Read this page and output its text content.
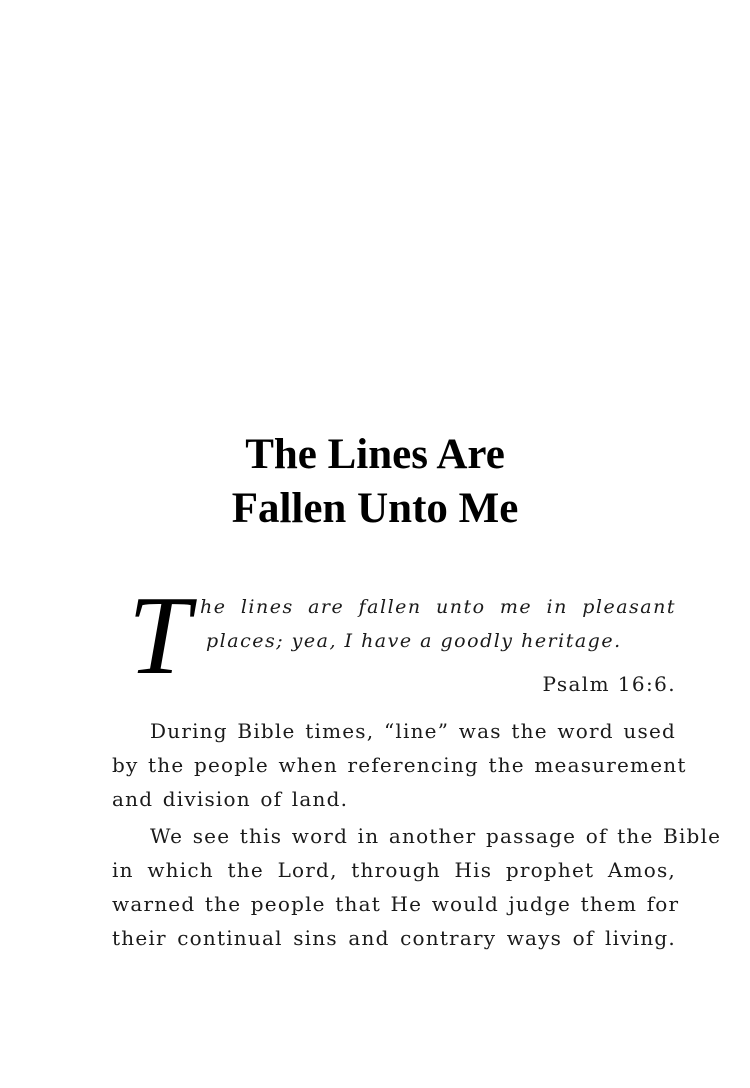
The Lines Are
Fallen Unto Me
T he lines are fallen unto me in pleasant
places; yea, I have a goodly heritage.
Psalm 16:6.
During Bible times, “line” was the word used
by the people when referencing the measurement
and division of land.
We see this word in another passage of the Bible
in which the Lord, through His prophet Amos,
warned the people that He would judge them for
their continual sins and contrary ways of living.
